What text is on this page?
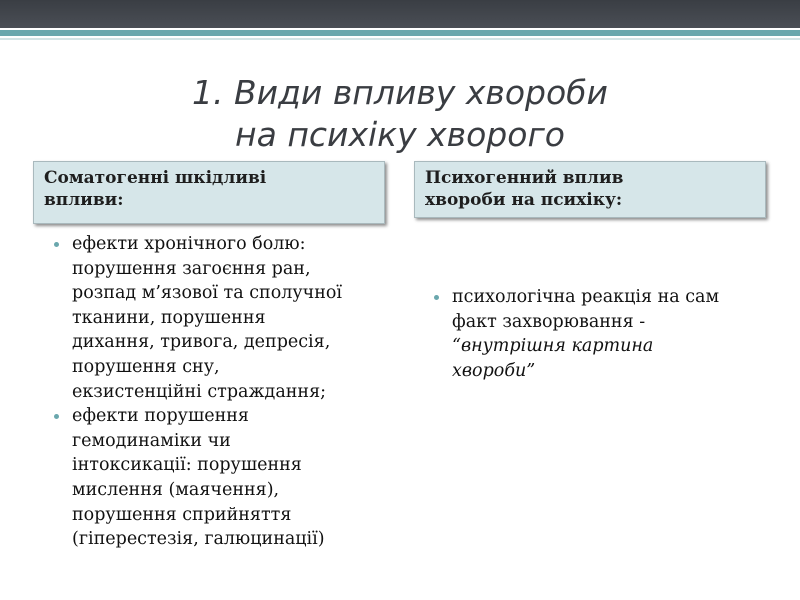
1. Види впливу хвороби
на психіку хворого
Соматогенні шкідливі
впливи:
Психогенний вплив
хвороби на психіку:
ефекти хронічного болю:
порушення загоєння ран,
розпад м’язової та сполучної
тканини, порушення
дихання, тривога, депресія,
порушення сну,
екзистенційні страждання;
ефекти порушення
гемодинаміки чи
інтоксикації: порушення
мислення (маячення),
порушення сприйняття
(гіперестезія, галюцинації)
психологічна реакція на сам
факт захворювання -
“внутрішня картина
хвороби”
